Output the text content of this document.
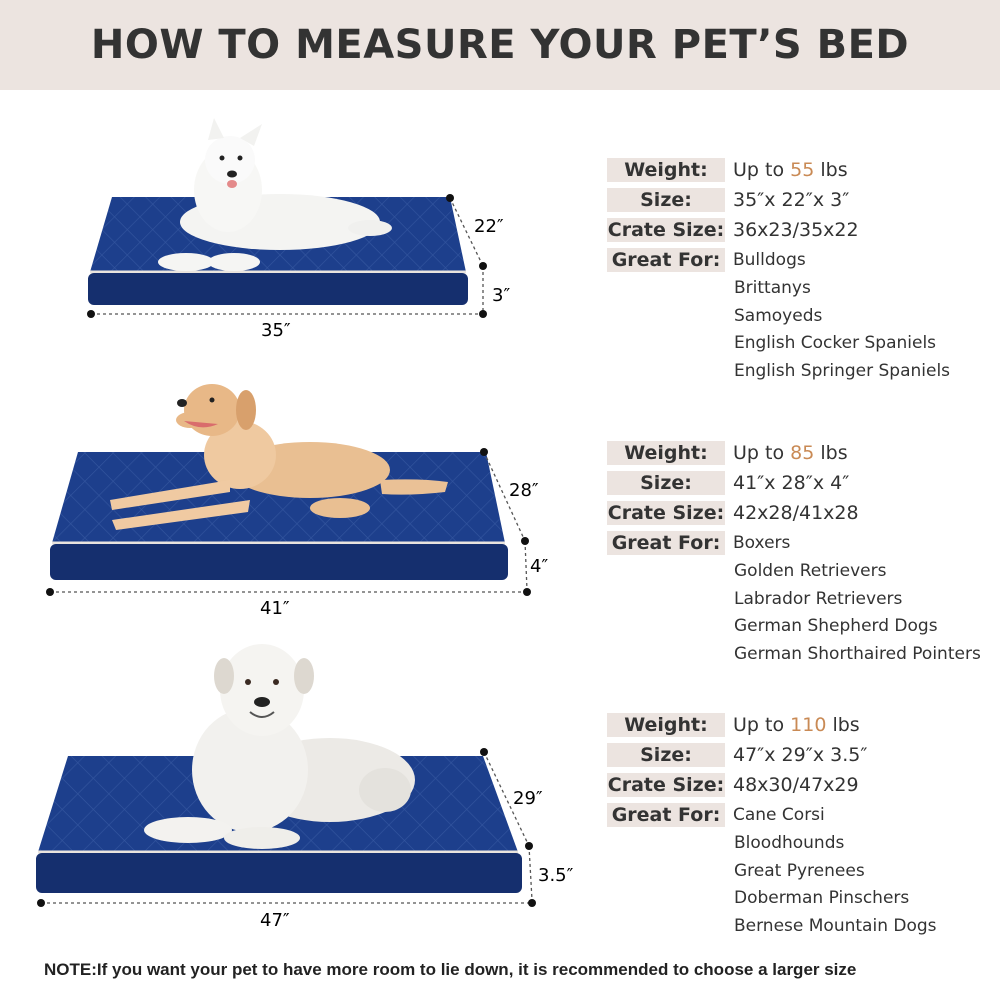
HOW TO MEASURE YOUR PET’S BED
35″
22″
3″
Weight:	Up to 55 lbs
Size:	35″x 22″x 3″
Crate Size: 36x23/35x22
Great For: Bulldogs
Brittanys
Samoyeds
English Cocker Spaniels
English Springer Spaniels
41″
28″
4″
Weight:	Up to 85 lbs
Size:	41″x 28″x 4″
Crate Size: 42x28/41x28
Great For: Boxers
Golden Retrievers
Labrador Retrievers
German Shepherd Dogs
German Shorthaired Pointers
47″
29″
3.5″
Weight:	Up to 110 lbs
Size:	47″x 29″x 3.5″
Crate Size: 48x30/47x29
Great For: Cane Corsi
Bloodhounds
Great Pyrenees
Doberman Pinschers
Bernese Mountain Dogs
NOTE:If you want your pet to have more room to lie down, it is recommended to choose a larger size
